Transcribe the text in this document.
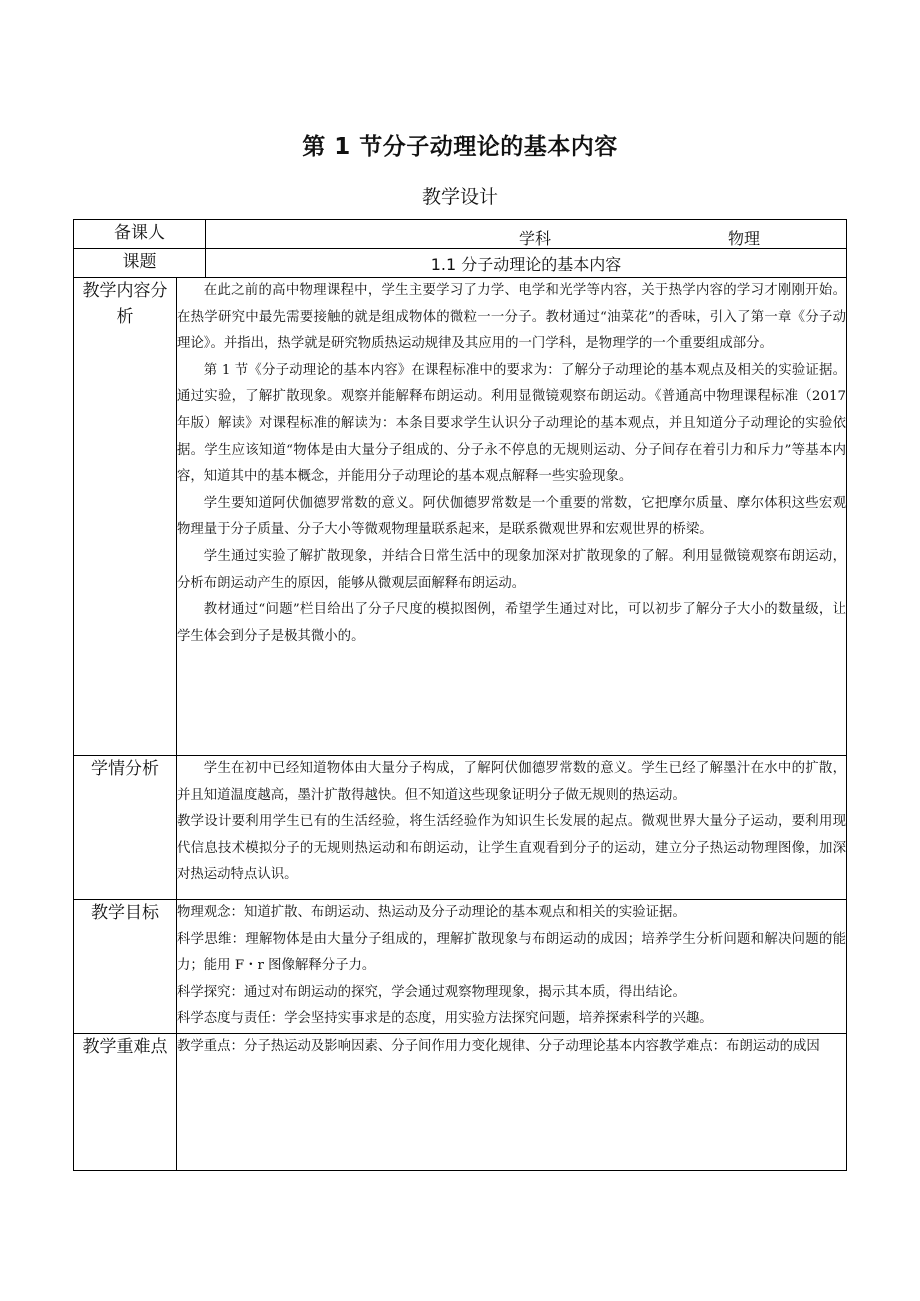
第 1 节分子动理论的基本内容
教学设计
备课人		学科 物理

课题		1.1 分子动理论的基本内容
教学内容分析	在此之前的高中物理课程中，学生主要学习了力学、电学和光学等内容，关于热学内容的学习才刚刚开始。在热学研究中最先需要接触的就是组成物体的微粒一一分子。教材通过“油菜花”的香味，引入了第一章《分子动理论》。并指出，热学就是研究物质热运动规律及其应用的一门学科，是物理学的一个重要组成部分。

第 1 节《分子动理论的基本内容》在课程标准中的要求为：了解分子动理论的基本观点及相关的实验证据。通过实验，了解扩散现象。观察并能解释布朗运动。利用显微镜观察布朗运动。《普通高中物理课程标准（2017 年版）解读》对课程标准的解读为：本条目要求学生认识分子动理论的基本观点，并且知道分子动理论的实验依据。学生应该知道“物体是由大量分子组成的、分子永不停息的无规则运动、分子间存在着引力和斥力”等基本内容，知道其中的基本概念，并能用分子动理论的基本观点解释一些实验现象。

学生要知道阿伏伽德罗常数的意义。阿伏伽德罗常数是一个重要的常数，它把摩尔质量、摩尔体积这些宏观物理量于分子质量、分子大小等微观物理量联系起来，是联系微观世界和宏观世界的桥梁。

学生通过实验了解扩散现象，并结合日常生活中的现象加深对扩散现象的了解。利用显微镜观察布朗运动，分析布朗运动产生的原因，能够从微观层面解释布朗运动。

教材通过“问题”栏目给出了分子尺度的模拟图例，希望学生通过对比，可以初步了解分子大小的数量级，让学生体会到分子是极其微小的。	

学情分析	学生在初中已经知道物体由大量分子构成，了解阿伏伽德罗常数的意义。学生已经了解墨汁在水中的扩散，并且知道温度越高，墨汁扩散得越快。但不知道这些现象证明分子做无规则的热运动。

教学设计要利用学生已有的生活经验，将生活经验作为知识生长发展的起点。微观世界大量分子运动，要利用现代信息技术模拟分子的无规则热运动和布朗运动，让学生直观看到分子的运动，建立分子热运动物理图像，加深对热运动特点认识。	

教学目标	物理观念：知道扩散、布朗运动、热运动及分子动理论的基本观点和相关的实验证据。

科学思维：理解物体是由大量分子组成的，理解扩散现象与布朗运动的成因；培养学生分析问题和解决问题的能力；能用 F・r 图像解释分子力。

科学探究：通过对布朗运动的探究，学会通过观察物理现象，揭示其本质，得出结论。

科学态度与责任：学会坚持实事求是的态度，用实验方法探究问题，培养探索科学的兴趣。	

教学重难点	教学重点：分子热运动及影响因素、分子间作用力变化规律、分子动理论基本内容教学难点：布朗运动的成因	
